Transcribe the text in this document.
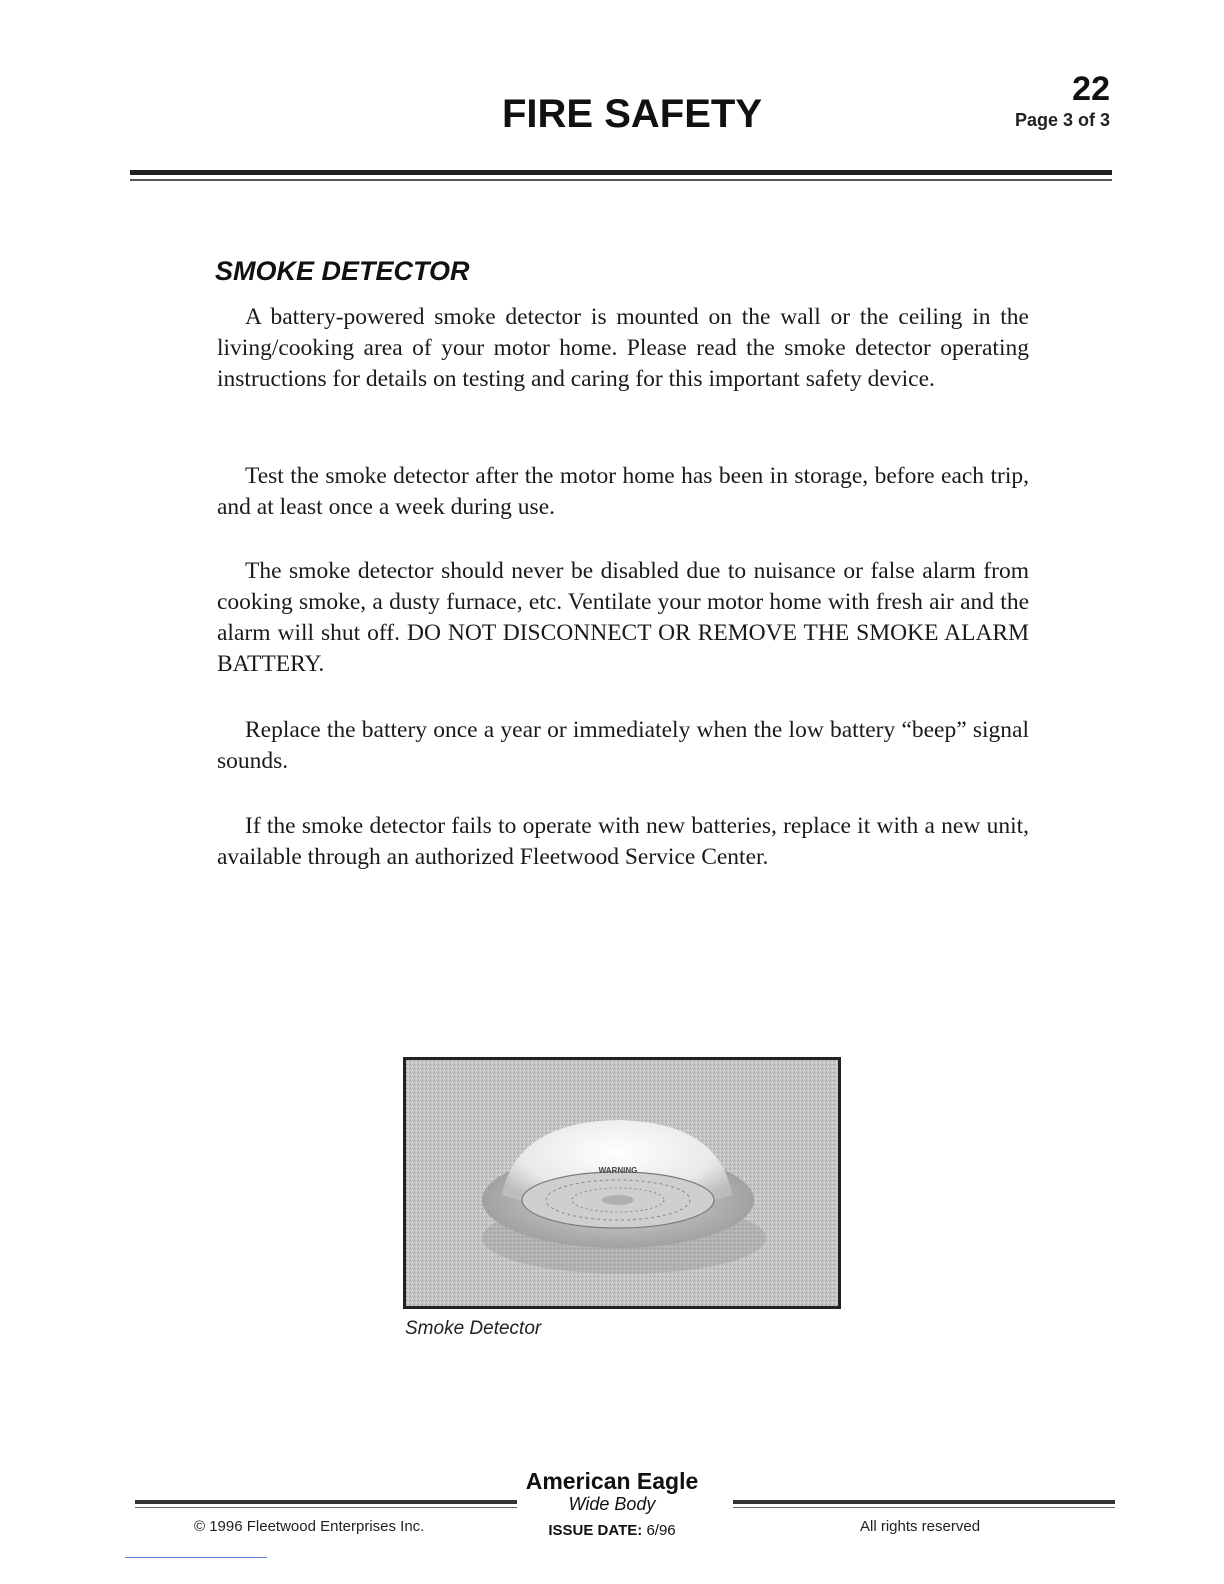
FIRE SAFETY
22
Page 3 of 3
SMOKE DETECTOR

A battery-powered smoke detector is mounted on the wall or the ceiling in the living/cooking area of your motor home. Please read the smoke detector operating instructions for details on testing and caring for this important safety device.

Test the smoke detector after the motor home has been in storage, before each trip, and at least once a week during use.

The smoke detector should never be disabled due to nuisance or false alarm from cooking smoke, a dusty furnace, etc. Ventilate your motor home with fresh air and the alarm will shut off. DO NOT DISCONNECT OR REMOVE THE SMOKE ALARM BATTERY.

Replace the battery once a year or immediately when the low battery “beep” signal sounds.

If the smoke detector fails to operate with new batteries, replace it with a new unit, available through an authorized Fleetwood Service Center.

WARNING
Smoke Detector
American Eagle
Wide Body
© 1996 Fleetwood Enterprises Inc.	ISSUE DATE: 6/96	All rights reserved
